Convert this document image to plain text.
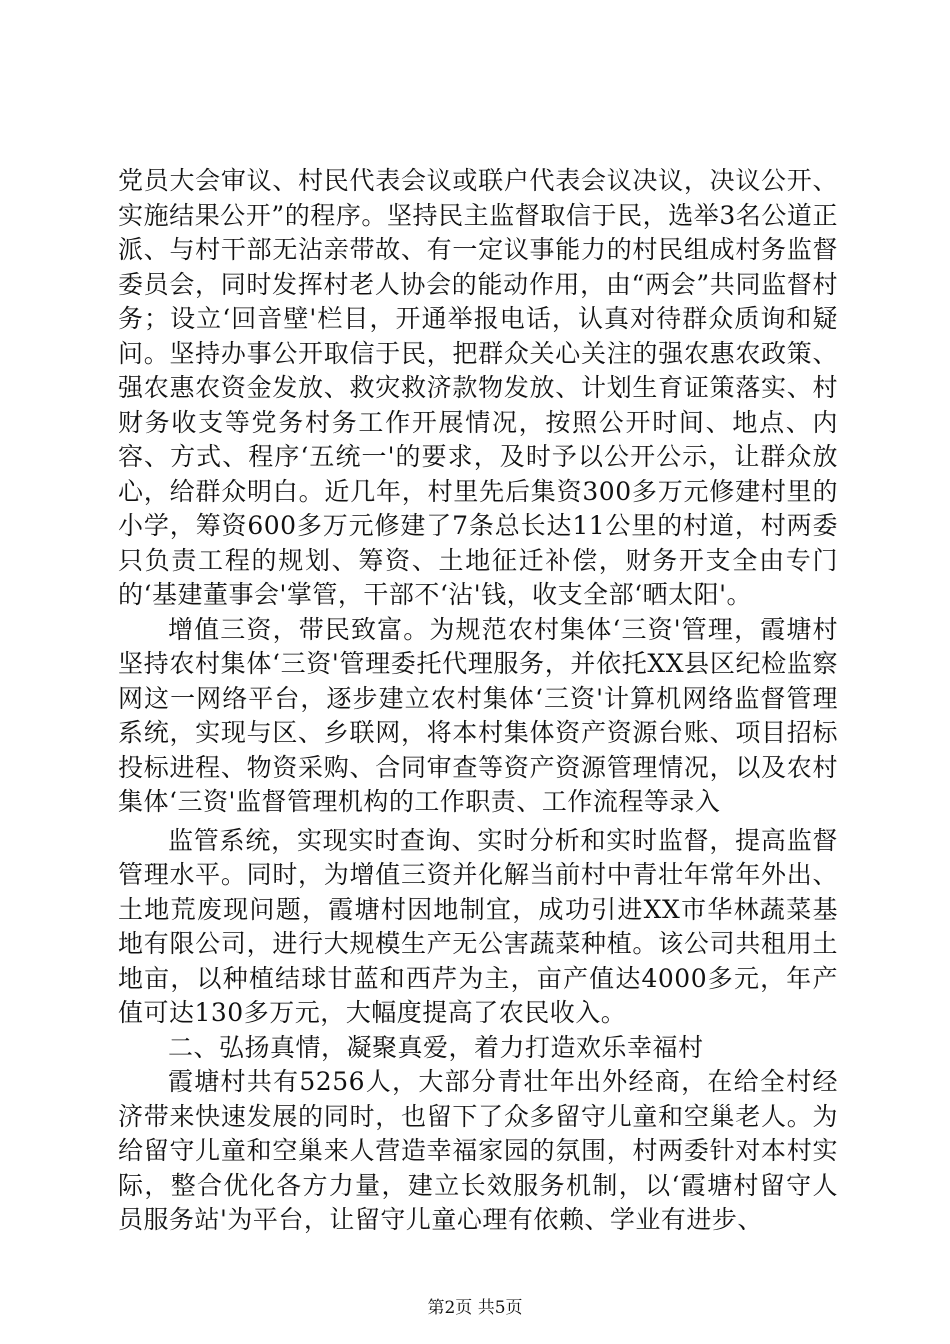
党员大会审议、村民代表会议或联户代表会议决议，决议公开、实施结果公开”的程序。坚持民主监督取信于民，选举3名公道正派、与村干部无沾亲带故、有一定议事能力的村民组成村务监督委员会，同时发挥村老人协会的能动作用，由“两会”共同监督村务；设立‘回音壁'栏目，开通举报电话，认真对待群众质询和疑问。坚持办事公开取信于民，把群众关心关注的强农惠农政策、强农惠农资金发放、救灾救济款物发放、计划生育证策落实、村财务收支等党务村务工作开展情况，按照公开时间、地点、内容、方式、程序‘五统一'的要求，及时予以公开公示，让群众放心，给群众明白。近几年，村里先后集资300多万元修建村里的小学，筹资600多万元修建了7条总长达11公里的村道，村两委只负责工程的规划、筹资、土地征迁补偿，财务开支全由专门的‘基建董事会'掌管，干部不‘沾'钱，收支全部‘晒太阳'。

增值三资，带民致富。为规范农村集体‘三资'管理，霞塘村坚持农村集体‘三资'管理委托代理服务，并依托XX县区纪检监察网这一网络平台，逐步建立农村集体‘三资'计算机网络监督管理系统，实现与区、乡联网，将本村集体资产资源台账、项目招标投标进程、物资采购、合同审查等资产资源管理情况，以及农村集体‘三资'监督管理机构的工作职责、工作流程等录入

监管系统，实现实时查询、实时分析和实时监督，提高监督管理水平。同时，为增值三资并化解当前村中青壮年常年外出、土地荒废现问题，霞塘村因地制宜，成功引进XX市华林蔬菜基地有限公司，进行大规模生产无公害蔬菜种植。该公司共租用土地亩，以种植结球甘蓝和西芹为主，亩产值达4000多元，年产值可达130多万元，大幅度提高了农民收入。

二、弘扬真情，凝聚真爱，着力打造欢乐幸福村

霞塘村共有5256人，大部分青壮年出外经商，在给全村经济带来快速发展的同时，也留下了众多留守儿童和空巢老人。为给留守儿童和空巢来人营造幸福家园的氛围，村两委针对本村实际，整合优化各方力量，建立长效服务机制，以‘霞塘村留守人员服务站'为平台，让留守儿童心理有依赖、学业有进步、

第2页 共5页
